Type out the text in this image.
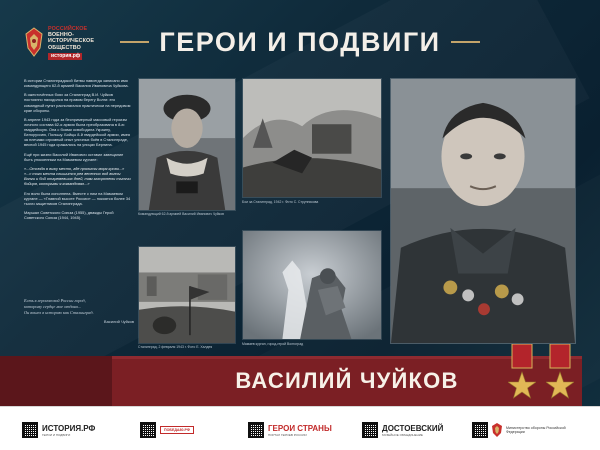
РОССИЙСКОЕ
ВОЕННО-
ИСТОРИЧЕСКОЕ
ОБЩЕСТВО
история.рф	ГЕРОИ И ПОДВИГИ

В истории Сталинградской битвы навсегда записано имя командующего 62-й армией Василия Ивановича Чуйкова.

В ожесточённых боях за Сталинград В.И. Чуйков постоянно находился на правом берегу Волги: его командный пункт располагался практически на передовом крае обороны.

В апреле 1943 года за беспримерный массовый героизм личного состава 62-я армия была преобразована в 8-ю гвардейскую. Она с боями освободила Украину, Белоруссию, Польшу. Бойцы 8-й гвардейской армии, имея за плечами огромный опыт уличных боёв в Сталинграде, весной 1945 года сражались на улицах Берлина.

Ещё при жизни Василий Иванович оставил завещание быть упокоенным на Мамаевом кургане:

«...Отсюда я вижу место, где пролиты моря крови...» «...с того места слышится рев весенних вод волны Волги и бой отгремевших дней, там захоронены тысячи бойцов, которыми я командовал...»

Его воля была исполнена. Вместе с ним на Мамаевом кургане — «Главной высоте России» — покоятся более 34 тысяч защитников Сталинграда.

Маршал Советского Союза (1955), дважды Герой Советского Союза (1944, 1945).

Есть в героической России город,
которому сердце мое отдано...
Он вошел в историю как Сталинград.
Василий Чуйков
Командующий 62-й армией Василий Иванович Чуйков
Бои за Сталинград, 1942 г. Фото С. Струнникова
Сталинград, 2 февраля 1943 г. Фото Е. Халдея
Мамаев курган, город-герой Волгоград
ВАСИЛИЙ ЧУЙКОВ
ИСТОРИЯ.РФ
ГЕРОИ И ПОДВИГИ
ПОБЕДА80.РФ	ГЕРОИ СТРАНЫ
ПОРТАЛ ГЕРОЕВ РОССИИ
ДОСТОЕВСКИЙ
МУЗЕЙНОЕ ОБЪЕДИНЕНИЕ
Министерство обороны Российской Федерации
